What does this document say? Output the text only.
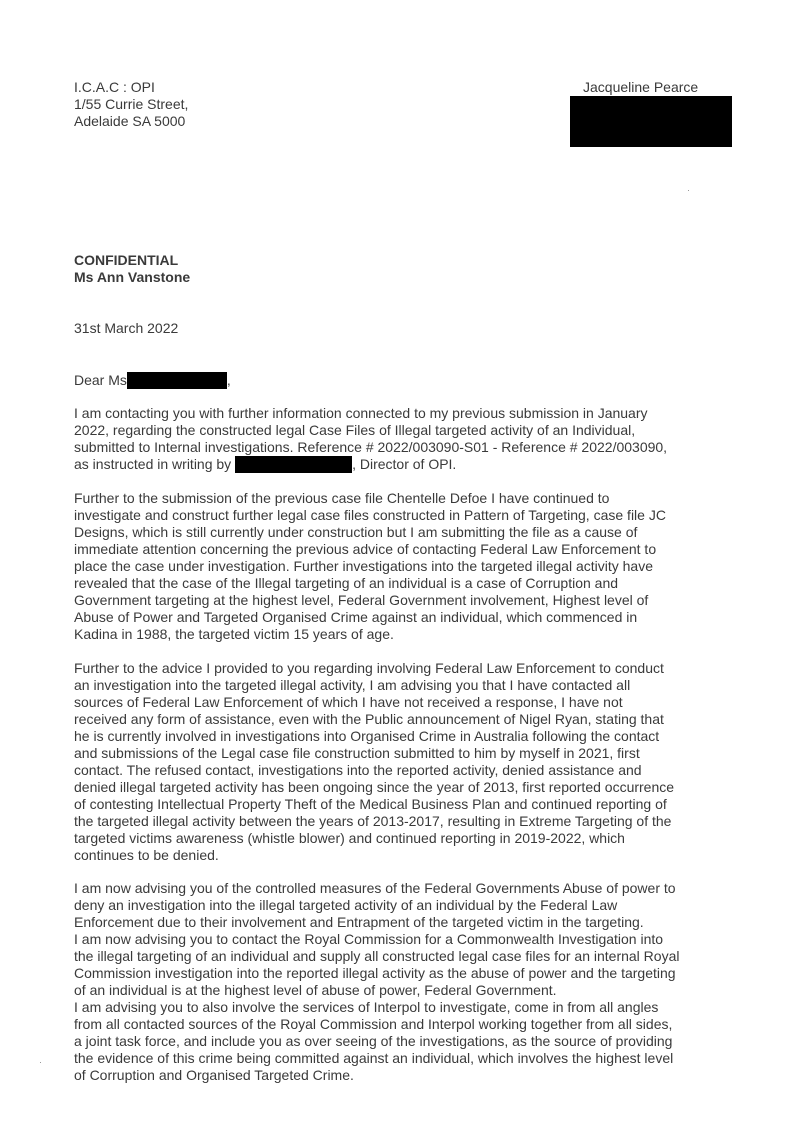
I.C.A.C : OPI
1/55 Currie Street,
Adelaide SA 5000
Jacqueline Pearce
CONFIDENTIAL
Ms Ann Vanstone
31st March 2022
Dear Ms	,
I am contacting you with further information connected to my previous submission in January
2022, regarding the constructed legal Case Files of Illegal targeted activity of an Individual,
submitted to Internal investigations. Reference # 2022/003090-S01 - Reference # 2022/003090,
as instructed in writing by	, Director of OPI.
Further to the submission of the previous case file Chentelle Defoe I have continued to
investigate and construct further legal case files constructed in Pattern of Targeting, case file JC
Designs, which is still currently under construction but I am submitting the file as a cause of
immediate attention concerning the previous advice of contacting Federal Law Enforcement to
place the case under investigation. Further investigations into the targeted illegal activity have
revealed that the case of the Illegal targeting of an individual is a case of Corruption and
Government targeting at the highest level, Federal Government involvement, Highest level of
Abuse of Power and Targeted Organised Crime against an individual, which commenced in
Kadina in 1988, the targeted victim 15 years of age.
Further to the advice I provided to you regarding involving Federal Law Enforcement to conduct
an investigation into the targeted illegal activity, I am advising you that I have contacted all
sources of Federal Law Enforcement of which I have not received a response, I have not
received any form of assistance, even with the Public announcement of Nigel Ryan, stating that
he is currently involved in investigations into Organised Crime in Australia following the contact
and submissions of the Legal case file construction submitted to him by myself in 2021, first
contact. The refused contact, investigations into the reported activity, denied assistance and
denied illegal targeted activity has been ongoing since the year of 2013, first reported occurrence
of contesting Intellectual Property Theft of the Medical Business Plan and continued reporting of
the targeted illegal activity between the years of 2013-2017, resulting in Extreme Targeting of the
targeted victims awareness (whistle blower) and continued reporting in 2019-2022, which
continues to be denied.
I am now advising you of the controlled measures of the Federal Governments Abuse of power to
deny an investigation into the illegal targeted activity of an individual by the Federal Law
Enforcement due to their involvement and Entrapment of the targeted victim in the targeting.
I am now advising you to contact the Royal Commission for a Commonwealth Investigation into
the illegal targeting of an individual and supply all constructed legal case files for an internal Royal
Commission investigation into the reported illegal activity as the abuse of power and the targeting
of an individual is at the highest level of abuse of power, Federal Government.
I am advising you to also involve the services of Interpol to investigate, come in from all angles
from all contacted sources of the Royal Commission and Interpol working together from all sides,
a joint task force, and include you as over seeing of the investigations, as the source of providing
the evidence of this crime being committed against an individual, which involves the highest level
of Corruption and Organised Targeted Crime.
